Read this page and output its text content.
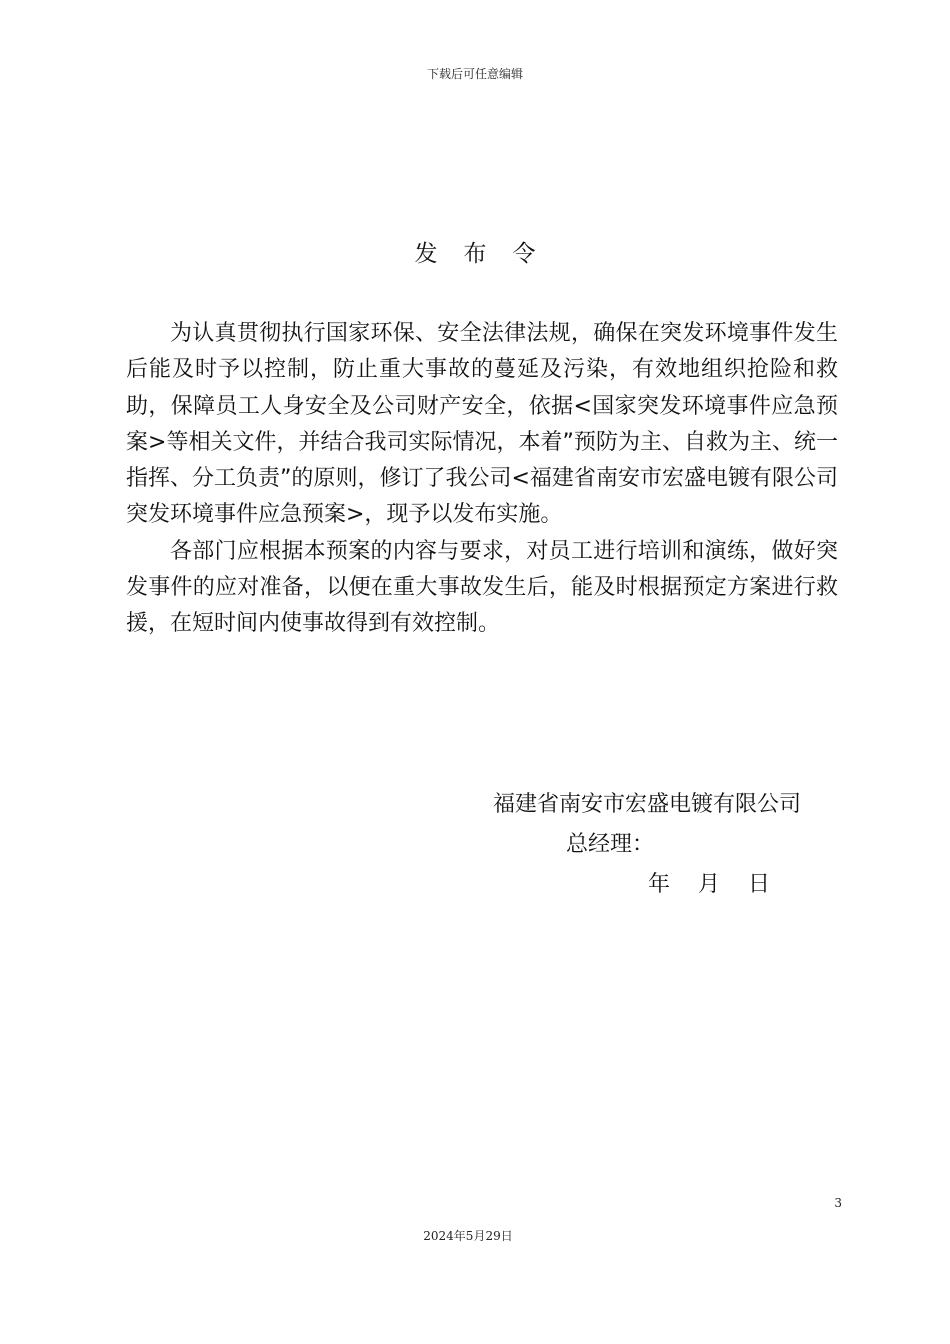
下载后可任意编辑
发布令

为认真贯彻执行国家环保、安全法律法规，确保在突发环境事件发生后能及时予以控制，防止重大事故的蔓延及污染，有效地组织抢险和救助，保障员工人身安全及公司财产安全，依据<国家突发环境事件应急预案>等相关文件，并结合我司实际情况，本着”预防为主、自救为主、统一指挥、分工负责”的原则，修订了我公司<福建省南安市宏盛电镀有限公司突发环境事件应急预案>，现予以发布实施。

各部门应根据本预案的内容与要求，对员工进行培训和演练，做好突发事件的应对准备，以便在重大事故发生后，能及时根据预定方案进行救援，在短时间内使事故得到有效控制。

福建省南安市宏盛电镀有限公司
总经理：
年    月    日
3
2024年5月29日
